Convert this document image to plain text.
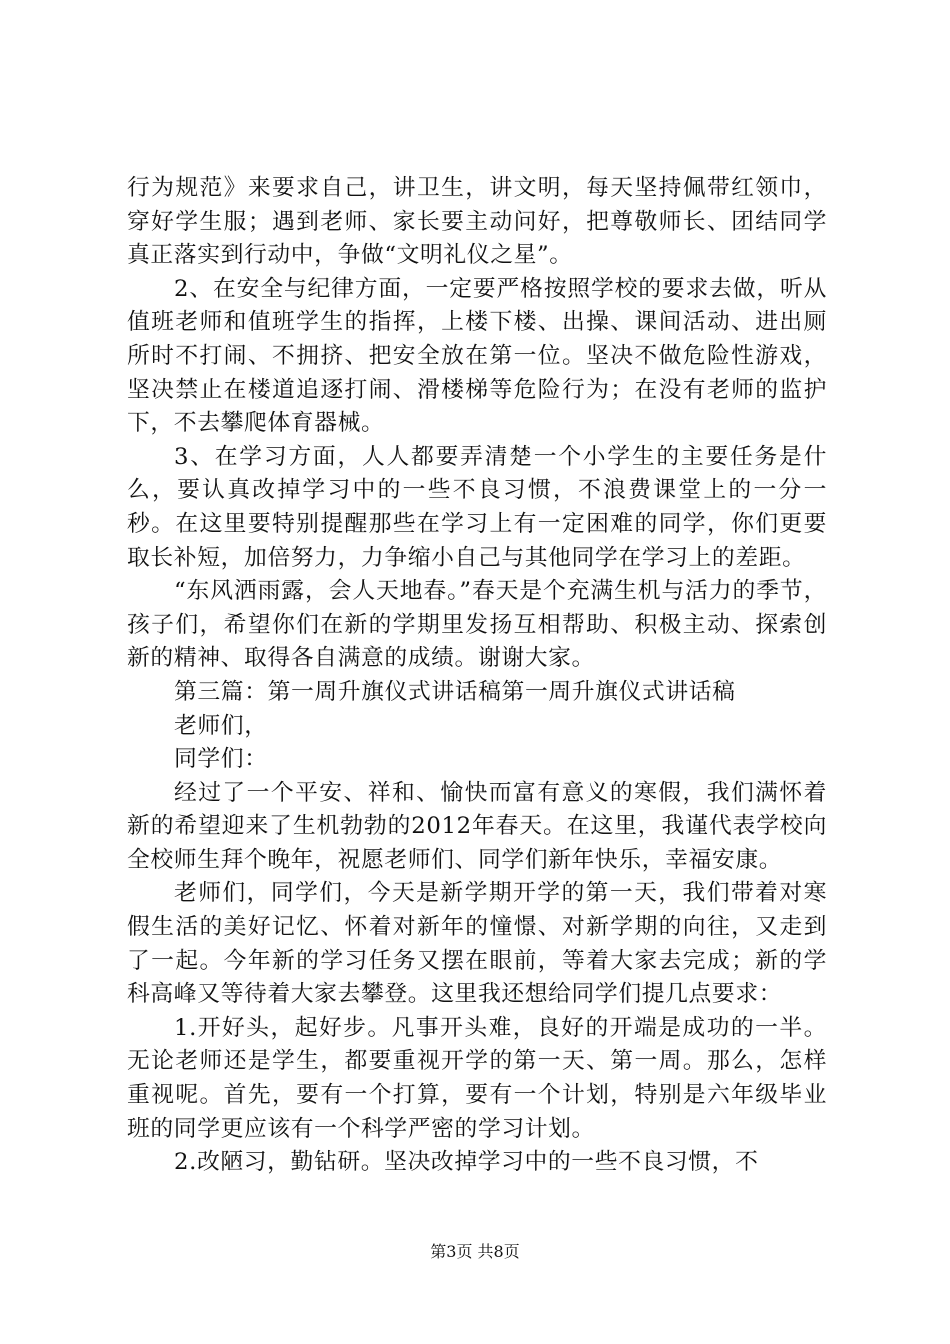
行为规范》来要求自己，讲卫生，讲文明，每天坚持佩带红领巾，穿好学生服；遇到老师、家长要主动问好，把尊敬师长、团结同学真正落实到行动中，争做“文明礼仪之星”。

2、在安全与纪律方面，一定要严格按照学校的要求去做，听从值班老师和值班学生的指挥，上楼下楼、出操、课间活动、进出厕所时不打闹、不拥挤、把安全放在第一位。坚决不做危险性游戏，坚决禁止在楼道追逐打闹、滑楼梯等危险行为；在没有老师的监护下，不去攀爬体育器械。

3、在学习方面，人人都要弄清楚一个小学生的主要任务是什么，要认真改掉学习中的一些不良习惯，不浪费课堂上的一分一秒。在这里要特别提醒那些在学习上有一定困难的同学，你们更要取长补短，加倍努力，力争缩小自己与其他同学在学习上的差距。

“东风洒雨露，会人天地春。”春天是个充满生机与活力的季节，孩子们，希望你们在新的学期里发扬互相帮助、积极主动、探索创新的精神、取得各自满意的成绩。谢谢大家。

第三篇：第一周升旗仪式讲话稿第一周升旗仪式讲话稿

老师们，

同学们：

经过了一个平安、祥和、愉快而富有意义的寒假，我们满怀着新的希望迎来了生机勃勃的2012年春天。在这里，我谨代表学校向全校师生拜个晚年，祝愿老师们、同学们新年快乐，幸福安康。

老师们，同学们，今天是新学期开学的第一天，我们带着对寒假生活的美好记忆、怀着对新年的憧憬、对新学期的向往，又走到了一起。今年新的学习任务又摆在眼前，等着大家去完成；新的学科高峰又等待着大家去攀登。这里我还想给同学们提几点要求：

1.开好头，起好步。凡事开头难，良好的开端是成功的一半。无论老师还是学生，都要重视开学的第一天、第一周。那么，怎样重视呢。首先，要有一个打算，要有一个计划，特别是六年级毕业班的同学更应该有一个科学严密的学习计划。

2.改陋习，勤钻研。坚决改掉学习中的一些不良习惯，不

第3页 共8页
